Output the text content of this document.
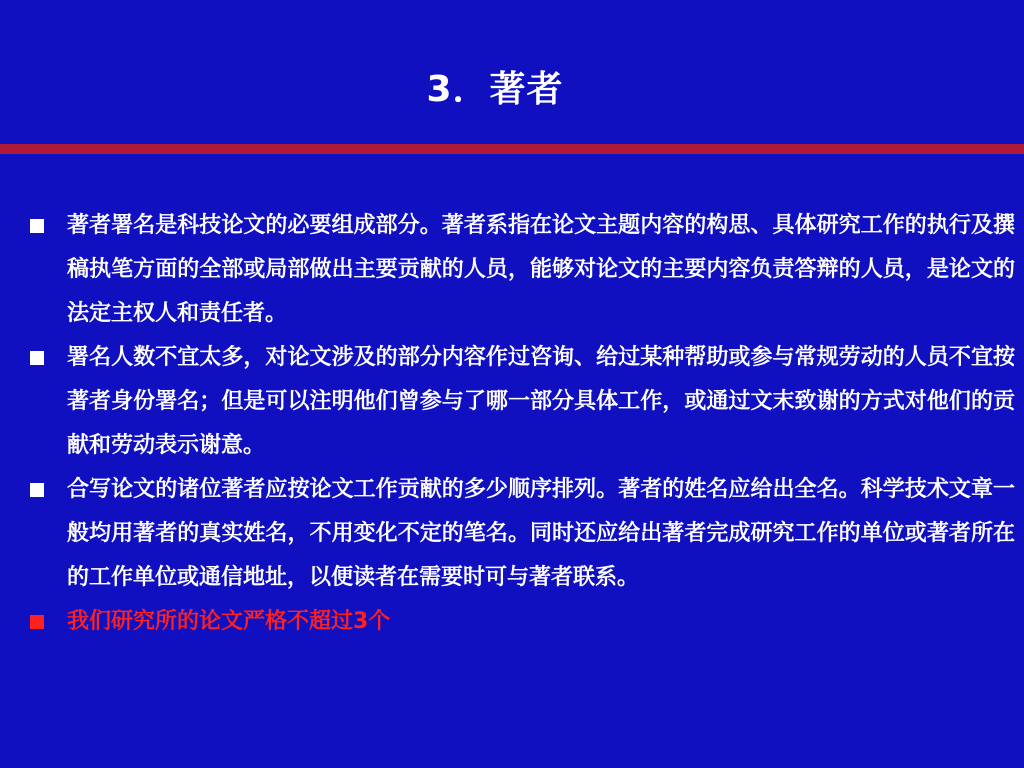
3．著者
著者署名是科技论文的必要组成部分。著者系指在论文主题内容的构思、具体研究工作的执行及撰稿执笔方面的全部或局部做出主要贡献的人员，能够对论文的主要内容负责答辩的人员，是论文的法定主权人和责任者。
署名人数不宜太多，对论文涉及的部分内容作过咨询、给过某种帮助或参与常规劳动的人员不宜按著者身份署名；但是可以注明他们曾参与了哪一部分具体工作，或通过文末致谢的方式对他们的贡献和劳动表示谢意。
合写论文的诸位著者应按论文工作贡献的多少顺序排列。著者的姓名应给出全名。科学技术文章一般均用著者的真实姓名，不用变化不定的笔名。同时还应给出著者完成研究工作的单位或著者所在的工作单位或通信地址，以便读者在需要时可与著者联系。
我们研究所的论文严格不超过3个
